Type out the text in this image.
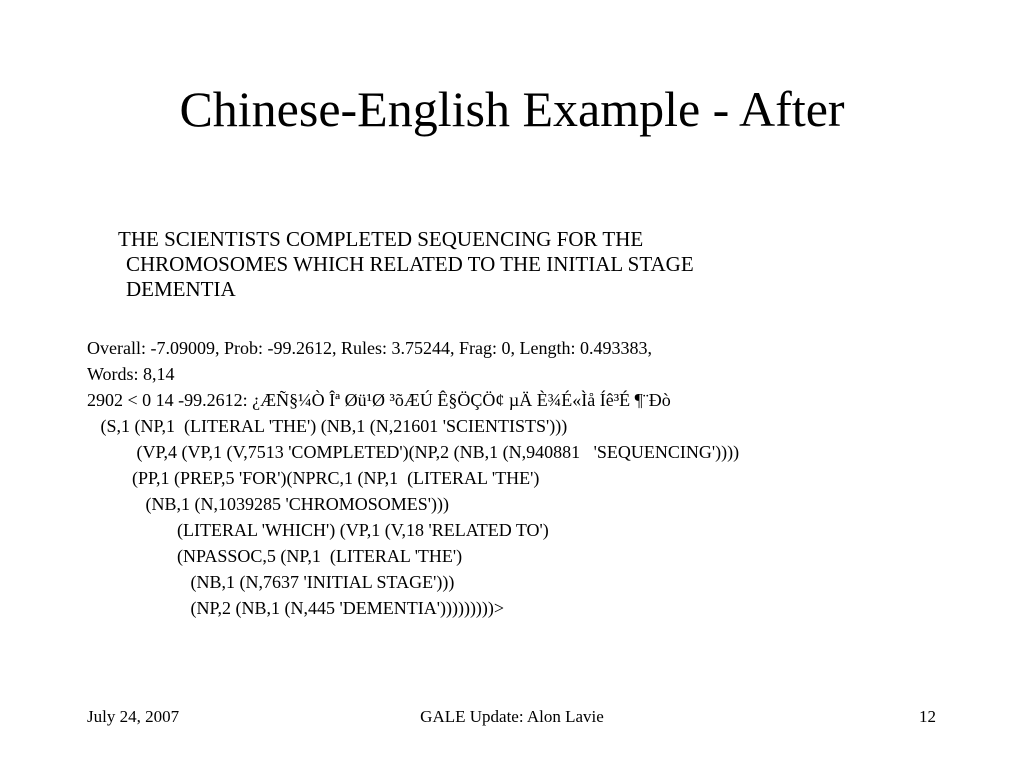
Chinese-English Example - After
THE SCIENTISTS COMPLETED SEQUENCING FOR THE
CHROMOSOMES WHICH RELATED TO THE INITIAL STAGE
DEMENTIA
Overall: -7.09009, Prob: -99.2612, Rules: 3.75244, Frag: 0, Length: 0.493383,
Words: 8,14
2902 < 0 14 -99.2612: ¿ÆÑ§¼Ò Îª Øü¹Ø ³õÆÚ Ê§ÖÇÖ¢ µÄ È¾É«Ìå Íê³É ¶¨Ðò
(S,1 (NP,1  (LITERAL 'THE') (NB,1 (N,21601 'SCIENTISTS')))
(VP,4 (VP,1 (V,7513 'COMPLETED')(NP,2 (NB,1 (N,940881   'SEQUENCING'))))
(PP,1 (PREP,5 'FOR')(NPRC,1 (NP,1  (LITERAL 'THE')
(NB,1 (N,1039285 'CHROMOSOMES')))
(LITERAL 'WHICH') (VP,1 (V,18 'RELATED TO')
(NPASSOC,5 (NP,1  (LITERAL 'THE')
(NB,1 (N,7637 'INITIAL STAGE')))
(NP,2 (NB,1 (N,445 'DEMENTIA')))))))))>
July 24, 2007	GALE Update: Alon Lavie	12
